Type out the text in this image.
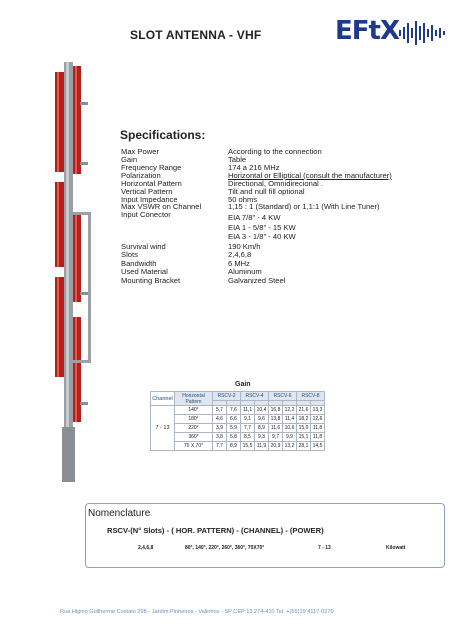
SLOT ANTENNA - VHF	EFtX
Specifications:
Max Power	According to the connection
Gain	Table
Frequency Range	174 a 216 MHz
Polarization	Horizontal or Elliptical (consult the manufacturer)
Horizontal Pattern	Directional, Omnidirecional .
Vertical Pattern	Tilt and null fill optional
Input Impedance	50 ohms
Max VSWR on Channel	1,15 : 1 (Standard) or 1,1:1 (With Line Tuner)
Input Conector	EIA 7/8" - 4 KW
EIA 1 - 5/8" - 15 KW
EIA 3 - 1/8" - 40 KW
Survival wind	190 Km/h
Slots	2,4,6,8
Bandwidth	6 MHz
Used Material	Aluminum
Mounting Bracket	Galvanized Steel
Gain
Channel	Horizontal Pattern	RSCV-2		RSCV-4		RSCV-6		RSCV-8	

7 - 13	140°	5,7	7,6	11,1	10,4	16,8	12,2	21,6	13,3
	180°	4,6	6,6	9,1	9,6	13,8	11,4	18,2	12,6
	220°	3,9	5,9	7,7	8,9	11,6	10,6	15,0	11,8
	360°	3,8	5,8	8,5	9,3	9,7	9,9	15,1	11,8
	70 X 70°	7,7	8,9	15,5	11,9	20,9	13,2	28,1	14,5
Nomenclature
RSCV-(N° Slots) - ( HOR. PATTERN) - (CHANNEL) - (POWER)
2,4,6,8	80°, 140°, 220°, 260°, 360°, 70X70°	7 - 13	Kilowatt
Rua Higino Guilherme Costato 298 - Jardim Pinheiros - Valinhos - SP CEP 13.274-410 Tel. +(55)19 4117-0270
